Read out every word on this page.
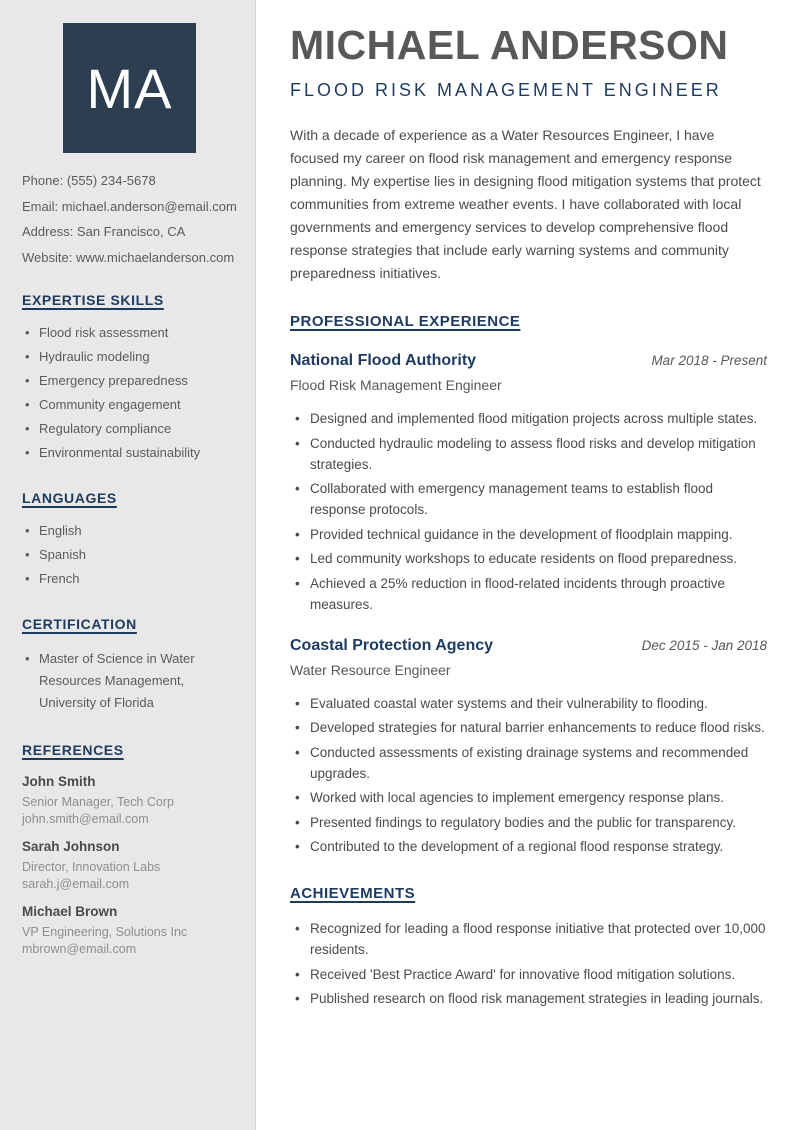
MA

Phone: (555) 234-5678

Email: michael.anderson@email.com

Address: San Francisco, CA

Website: www.michaelanderson.com

EXPERTISE SKILLS
• Flood risk assessment
• Hydraulic modeling
• Emergency preparedness
• Community engagement
• Regulatory compliance
• Environmental sustainability
LANGUAGES
• English
• Spanish
• French
CERTIFICATION
• Master of Science in Water Resources Management, University of Florida
REFERENCES

John Smith

Senior Manager, Tech Corp

john.smith@email.com

Sarah Johnson

Director, Innovation Labs

sarah.j@email.com

Michael Brown

VP Engineering, Solutions Inc

mbrown@email.com

MICHAEL ANDERSON
FLOOD RISK MANAGEMENT ENGINEER

With a decade of experience as a Water Resources Engineer, I have focused my career on flood risk management and emergency response planning. My expertise lies in designing flood mitigation systems that protect communities from extreme weather events. I have collaborated with local governments and emergency services to develop comprehensive flood response strategies that include early warning systems and community preparedness initiatives.

PROFESSIONAL EXPERIENCE
National Flood Authority	Mar 2018 - Present

Flood Risk Management Engineer

• Designed and implemented flood mitigation projects across multiple states.
• Conducted hydraulic modeling to assess flood risks and develop mitigation strategies.
• Collaborated with emergency management teams to establish flood response protocols.
• Provided technical guidance in the development of floodplain mapping.
• Led community workshops to educate residents on flood preparedness.
• Achieved a 25% reduction in flood-related incidents through proactive measures.
Coastal Protection Agency	Dec 2015 - Jan 2018

Water Resource Engineer

• Evaluated coastal water systems and their vulnerability to flooding.
• Developed strategies for natural barrier enhancements to reduce flood risks.
• Conducted assessments of existing drainage systems and recommended upgrades.
• Worked with local agencies to implement emergency response plans.
• Presented findings to regulatory bodies and the public for transparency.
• Contributed to the development of a regional flood response strategy.
ACHIEVEMENTS
• Recognized for leading a flood response initiative that protected over 10,000 residents.
• Received 'Best Practice Award' for innovative flood mitigation solutions.
• Published research on flood risk management strategies in leading journals.
